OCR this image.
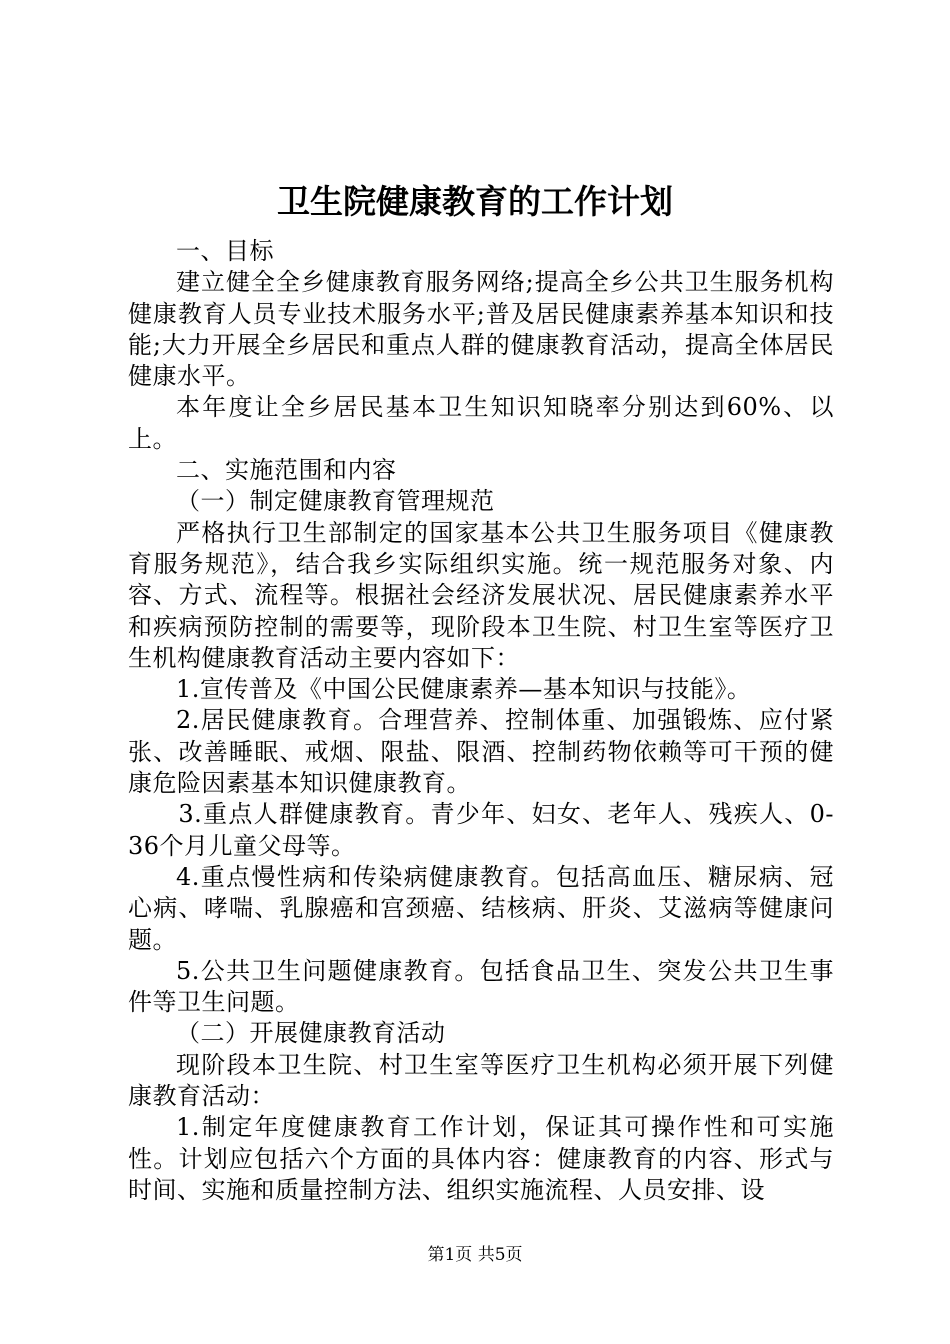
卫生院健康教育的工作计划

一、目标

建立健全全乡健康教育服务网络;提高全乡公共卫生服务机构健康教育人员专业技术服务水平;普及居民健康素养基本知识和技能;大力开展全乡居民和重点人群的健康教育活动，提高全体居民健康水平。

本年度让全乡居民基本卫生知识知晓率分别达到60%、以上。

二、实施范围和内容

（一）制定健康教育管理规范

严格执行卫生部制定的国家基本公共卫生服务项目《健康教育服务规范》，结合我乡实际组织实施。统一规范服务对象、内容、方式、流程等。根据社会经济发展状况、居民健康素养水平和疾病预防控制的需要等，现阶段本卫生院、村卫生室等医疗卫生机构健康教育活动主要内容如下：

1.宣传普及《中国公民健康素养—基本知识与技能》。

2.居民健康教育。合理营养、控制体重、加强锻炼、应付紧张、改善睡眠、戒烟、限盐、限酒、控制药物依赖等可干预的健康危险因素基本知识健康教育。

3.重点人群健康教育。青少年、妇女、老年人、残疾人、0-36个月儿童父母等。

4.重点慢性病和传染病健康教育。包括高血压、糖尿病、冠心病、哮喘、乳腺癌和宫颈癌、结核病、肝炎、艾滋病等健康问题。

5.公共卫生问题健康教育。包括食品卫生、突发公共卫生事件等卫生问题。

（二）开展健康教育活动

现阶段本卫生院、村卫生室等医疗卫生机构必须开展下列健康教育活动：

1.制定年度健康教育工作计划，保证其可操作性和可实施性。计划应包括六个方面的具体内容：健康教育的内容、形式与时间、实施和质量控制方法、组织实施流程、人员安排、设

第1页 共5页
